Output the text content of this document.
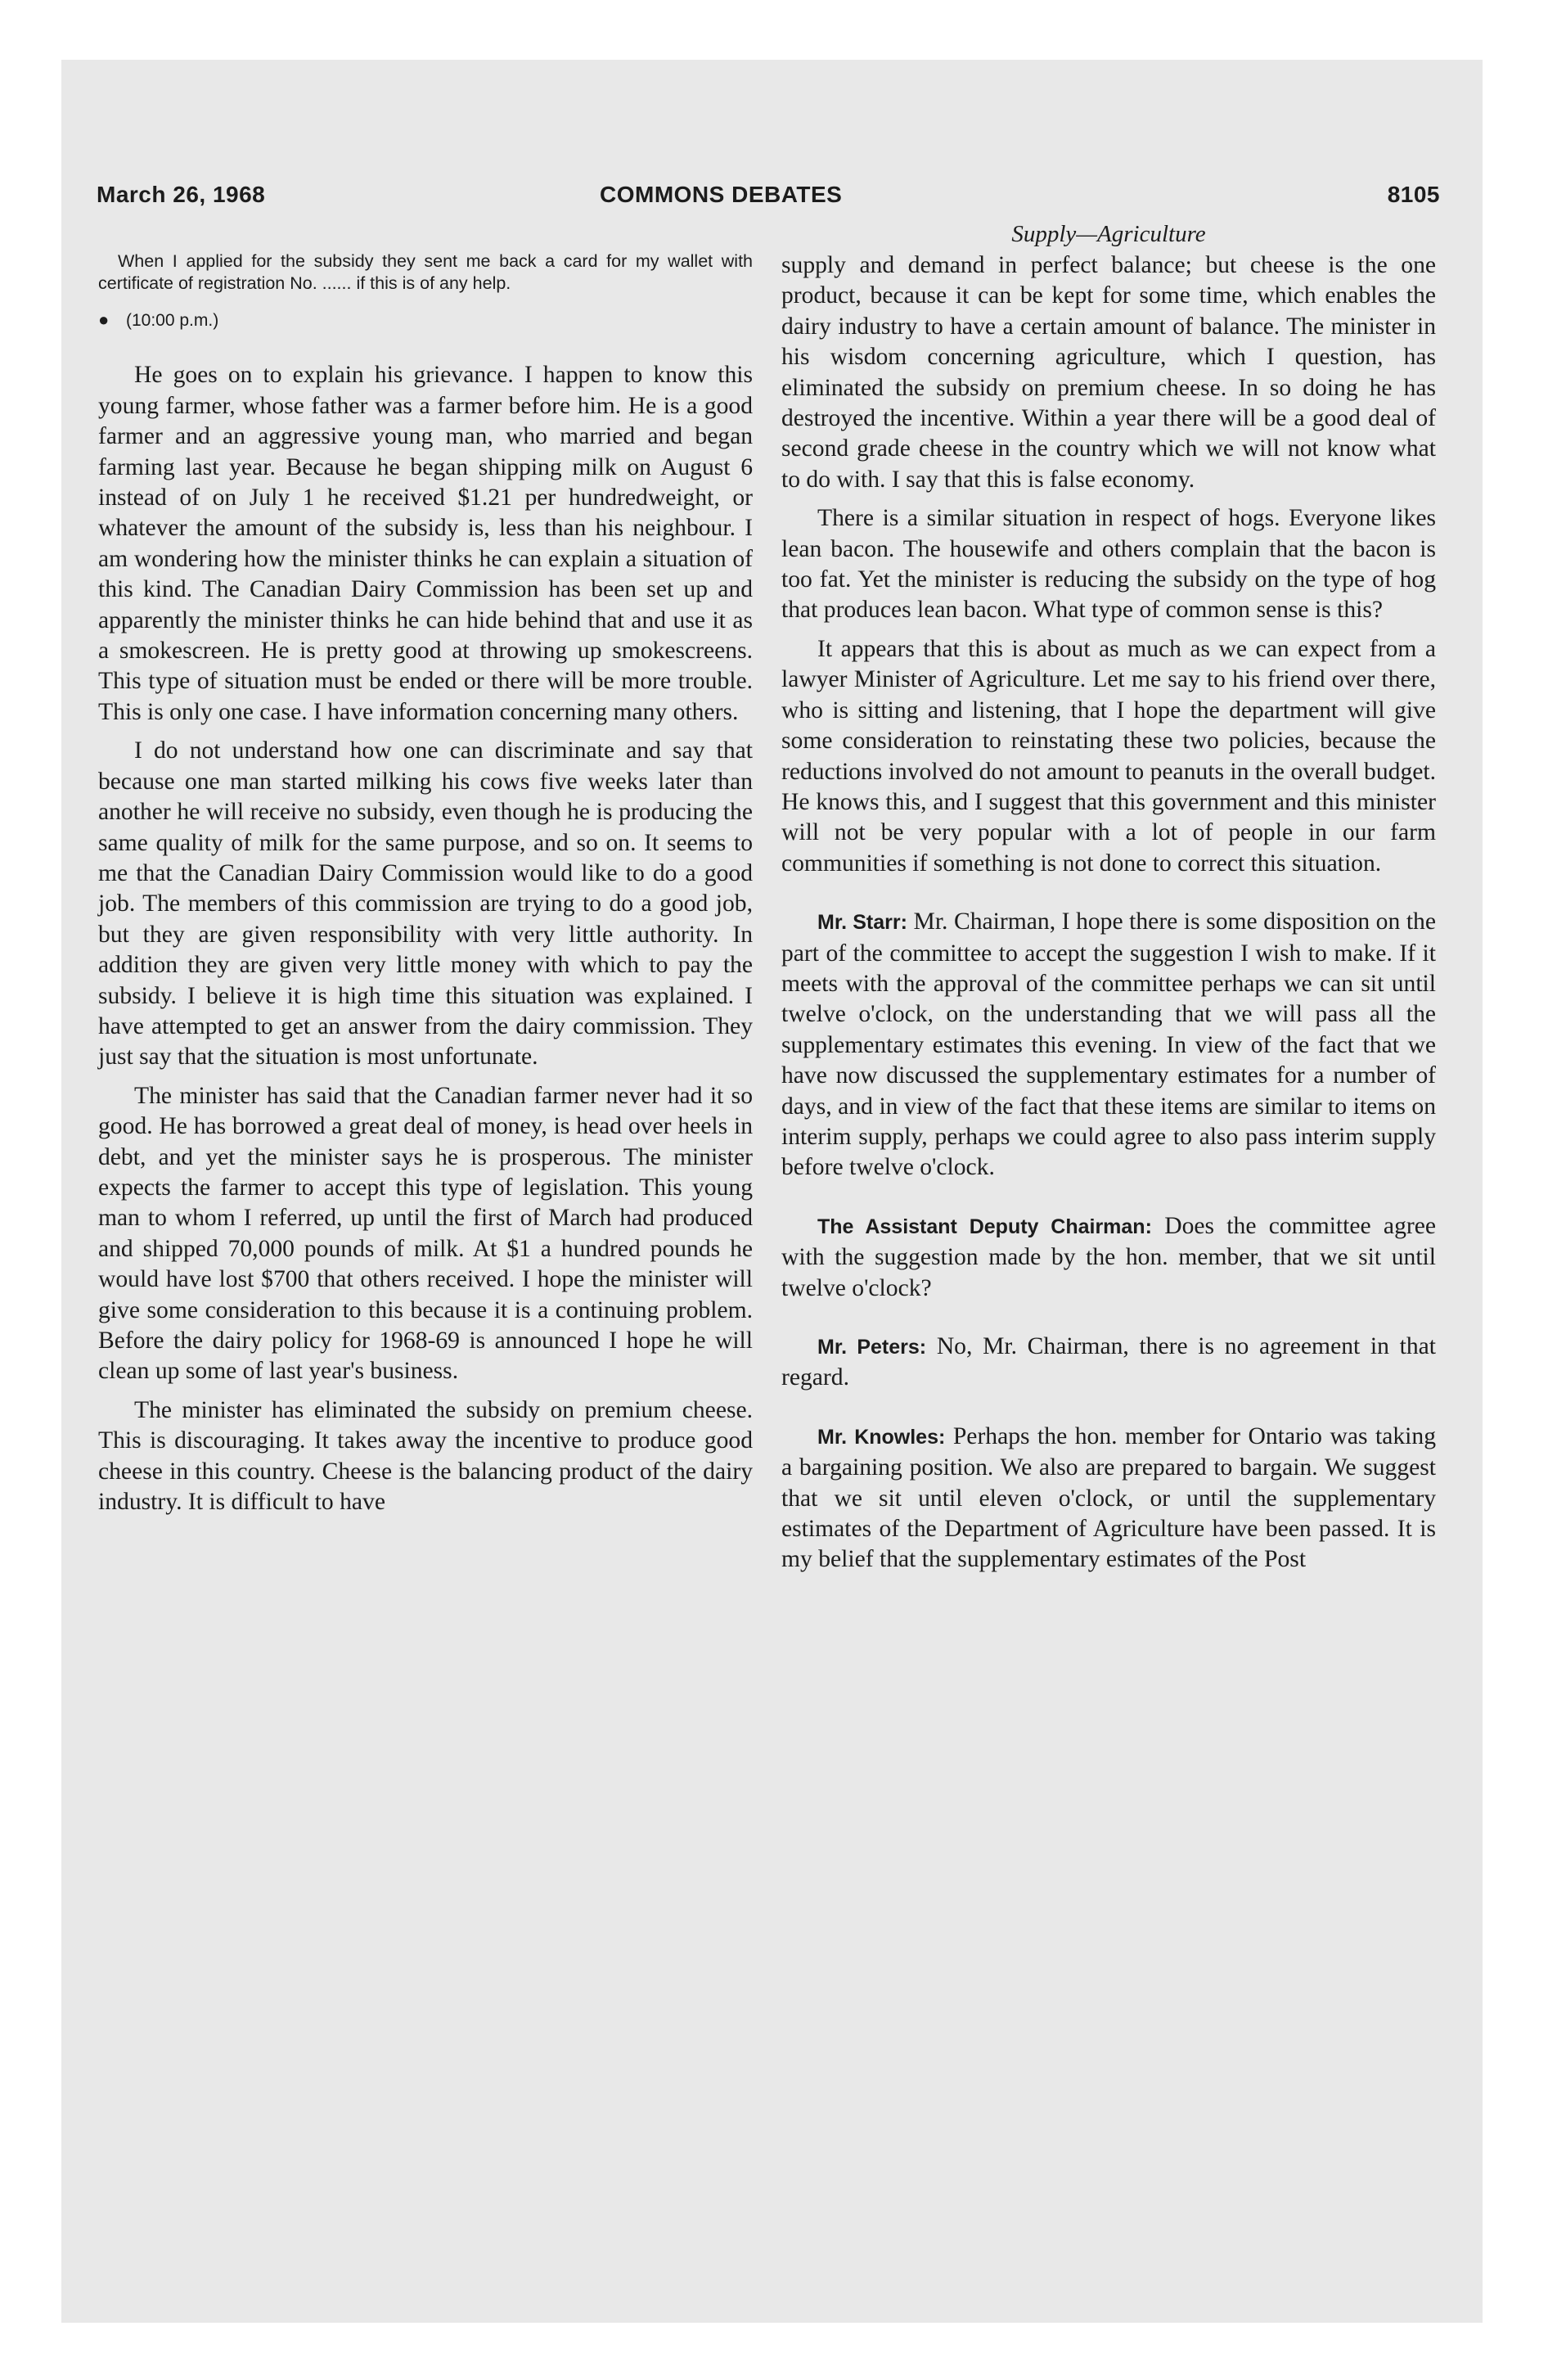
March 26, 1968	COMMONS DEBATES	8105
Supply—Agriculture

When I applied for the subsidy they sent me back a card for my wallet with certificate of registration No. ...... if this is of any help.

● (10:00 p.m.)

He goes on to explain his grievance. I happen to know this young farmer, whose father was a farmer before him. He is a good farmer and an aggressive young man, who married and began farming last year. Because he began shipping milk on August 6 instead of on July 1 he received $1.21 per hundredweight, or whatever the amount of the subsidy is, less than his neighbour. I am wondering how the minister thinks he can explain a situation of this kind. The Canadian Dairy Commission has been set up and apparently the minister thinks he can hide behind that and use it as a smokescreen. He is pretty good at throwing up smokescreens. This type of situation must be ended or there will be more trouble. This is only one case. I have information concerning many others.

I do not understand how one can discriminate and say that because one man started milking his cows five weeks later than another he will receive no subsidy, even though he is producing the same quality of milk for the same purpose, and so on. It seems to me that the Canadian Dairy Commission would like to do a good job. The members of this commission are trying to do a good job, but they are given responsibility with very little authority. In addition they are given very little money with which to pay the subsidy. I believe it is high time this situation was explained. I have attempted to get an answer from the dairy commission. They just say that the situation is most unfortunate.

The minister has said that the Canadian farmer never had it so good. He has borrowed a great deal of money, is head over heels in debt, and yet the minister says he is prosperous. The minister expects the farmer to accept this type of legislation. This young man to whom I referred, up until the first of March had produced and shipped 70,000 pounds of milk. At $1 a hundred pounds he would have lost $700 that others received. I hope the minister will give some consideration to this because it is a continuing problem. Before the dairy policy for 1968-69 is announced I hope he will clean up some of last year's business.

The minister has eliminated the subsidy on premium cheese. This is discouraging. It takes away the incentive to produce good cheese in this country. Cheese is the balancing product of the dairy industry. It is difficult to have

supply and demand in perfect balance; but cheese is the one product, because it can be kept for some time, which enables the dairy industry to have a certain amount of balance. The minister in his wisdom concerning agriculture, which I question, has eliminated the subsidy on premium cheese. In so doing he has destroyed the incentive. Within a year there will be a good deal of second grade cheese in the country which we will not know what to do with. I say that this is false economy.

There is a similar situation in respect of hogs. Everyone likes lean bacon. The housewife and others complain that the bacon is too fat. Yet the minister is reducing the subsidy on the type of hog that produces lean bacon. What type of common sense is this?

It appears that this is about as much as we can expect from a lawyer Minister of Agriculture. Let me say to his friend over there, who is sitting and listening, that I hope the department will give some consideration to reinstating these two policies, because the reductions involved do not amount to peanuts in the overall budget. He knows this, and I suggest that this government and this minister will not be very popular with a lot of people in our farm communities if something is not done to correct this situation.

Mr. Starr: Mr. Chairman, I hope there is some disposition on the part of the committee to accept the suggestion I wish to make. If it meets with the approval of the committee perhaps we can sit until twelve o'clock, on the understanding that we will pass all the supplementary estimates this evening. In view of the fact that we have now discussed the supplementary estimates for a number of days, and in view of the fact that these items are similar to items on interim supply, perhaps we could agree to also pass interim supply before twelve o'clock.

The Assistant Deputy Chairman: Does the committee agree with the suggestion made by the hon. member, that we sit until twelve o'clock?

Mr. Peters: No, Mr. Chairman, there is no agreement in that regard.

Mr. Knowles: Perhaps the hon. member for Ontario was taking a bargaining position. We also are prepared to bargain. We suggest that we sit until eleven o'clock, or until the supplementary estimates of the Department of Agriculture have been passed. It is my belief that the supplementary estimates of the Post
